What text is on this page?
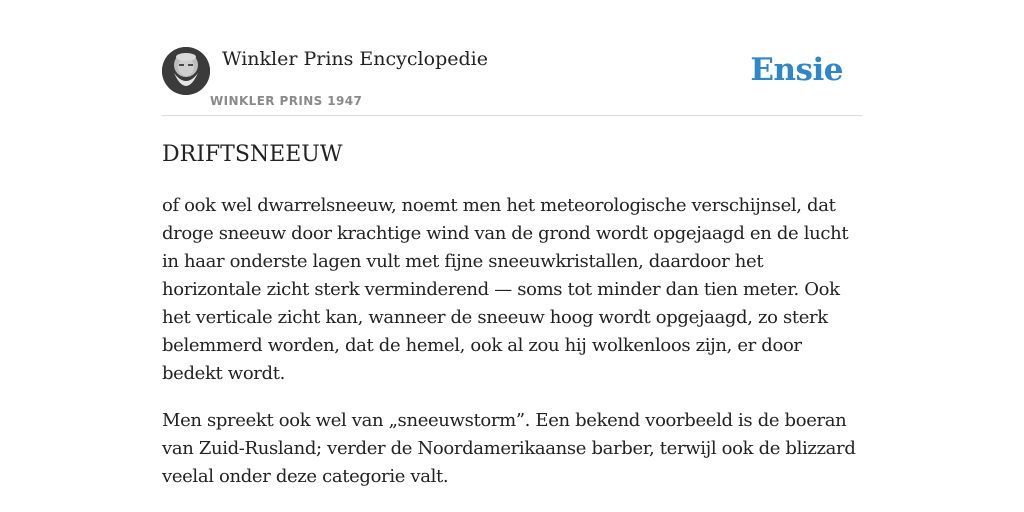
Winkler Prins Encyclopedie
WINKLER PRINS 1947
Ensie
DRIFTSNEEUW

of ook wel dwarrelsneeuw, noemt men het meteorologische verschijnsel, dat droge sneeuw door krachtige wind van de grond wordt opgejaagd en de lucht in haar onderste lagen vult met fijne sneeuwkristallen, daardoor het horizontale zicht sterk verminderend — soms tot minder dan tien meter. Ook het verticale zicht kan, wanneer de sneeuw hoog wordt opgejaagd, zo sterk belemmerd worden, dat de hemel, ook al zou hij wolkenloos zijn, er door bedekt wordt.

Men spreekt ook wel van „sneeuwstorm”. Een bekend voorbeeld is de boeran van Zuid-Rusland; verder de Noordamerikaanse barber, terwijl ook de blizzard veelal onder deze categorie valt.
